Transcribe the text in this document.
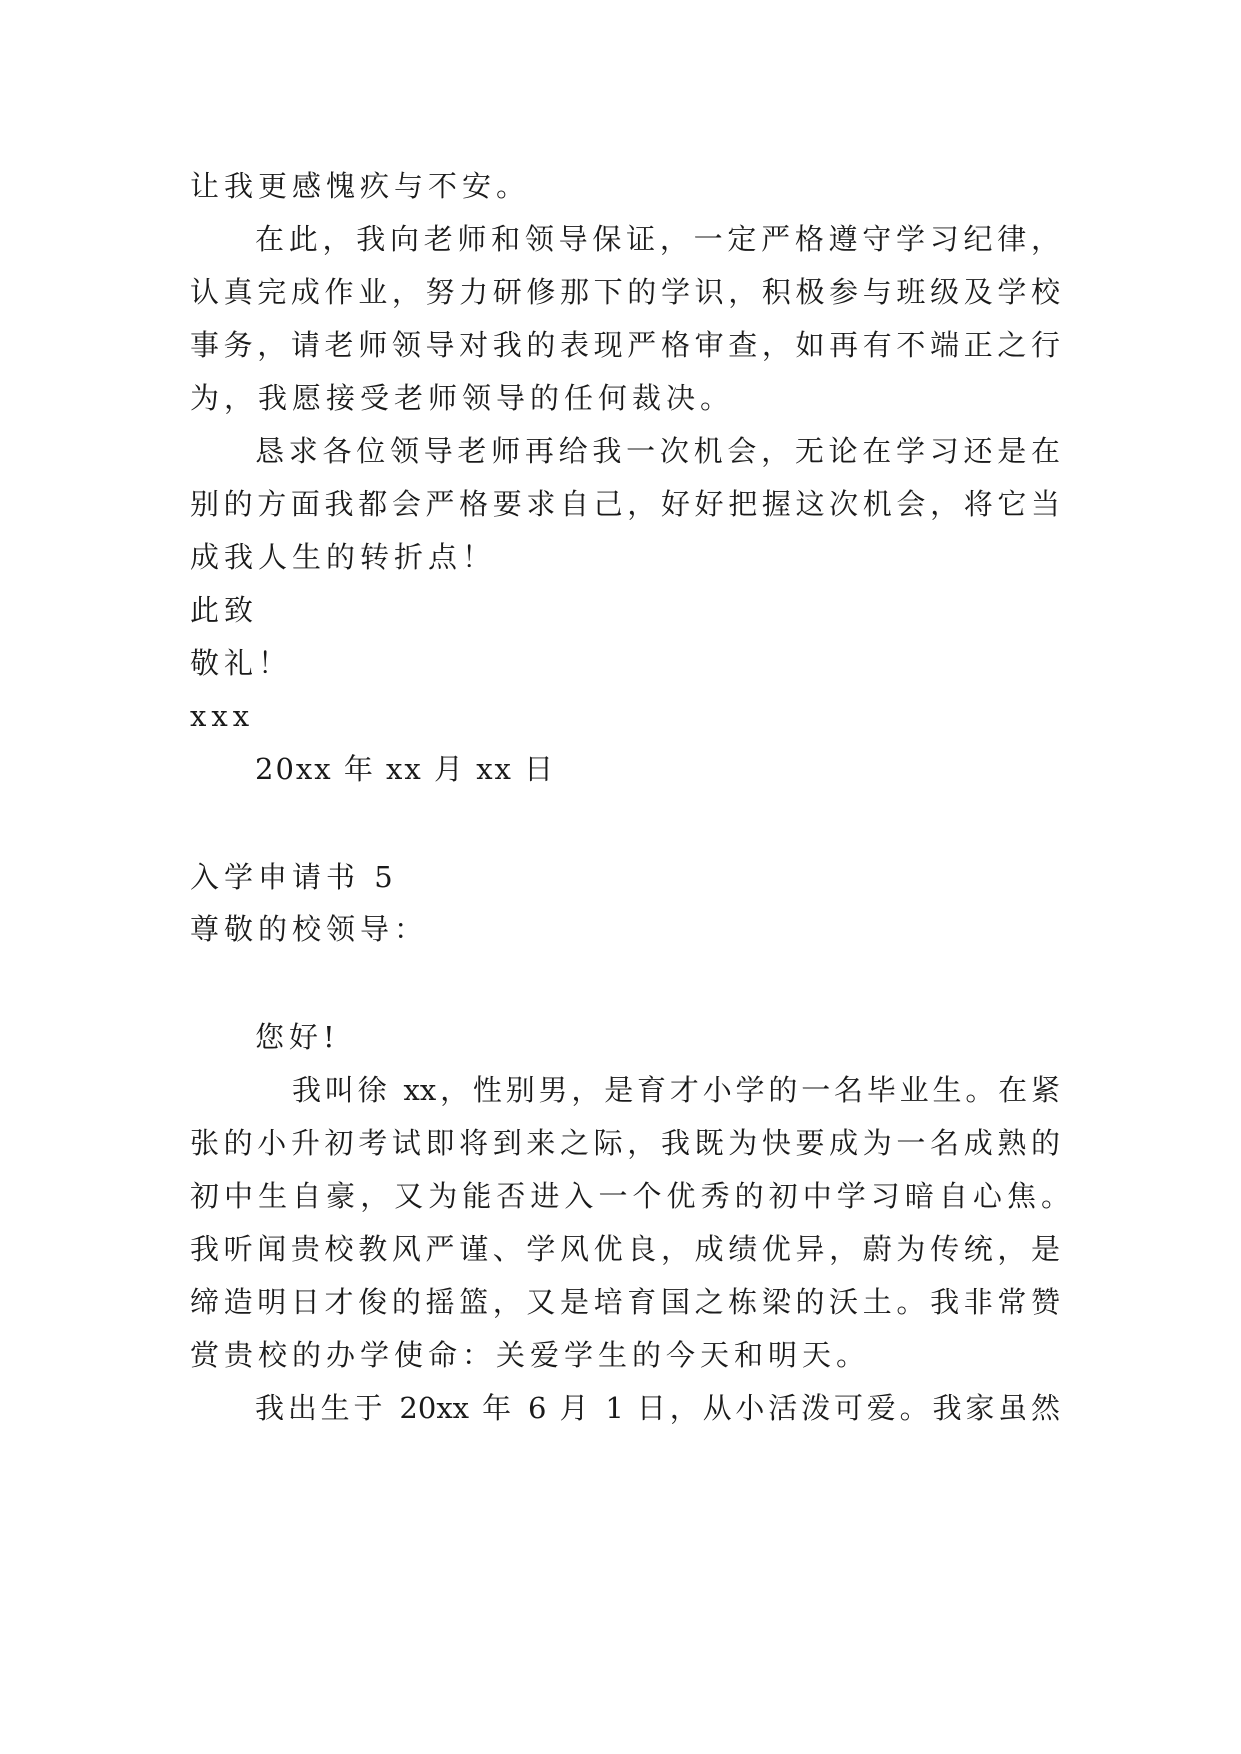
让我更感愧疚与不安。
在此，我向老师和领导保证，一定严格遵守学习纪律，
认真完成作业，努力研修那下的学识，积极参与班级及学校
事务，请老师领导对我的表现严格审查，如再有不端正之行
为，我愿接受老师领导的任何裁决。
恳求各位领导老师再给我一次机会，无论在学习还是在
别的方面我都会严格要求自己，好好把握这次机会，将它当
成我人生的转折点！
此致
敬礼！
xxx
20xx 年 xx 月 xx 日
入学申请书 5
尊敬的校领导：
您好!
我叫徐 xx，性别男，是育才小学的一名毕业生。在紧
张的小升初考试即将到来之际，我既为快要成为一名成熟的
初中生自豪，又为能否进入一个优秀的初中学习暗自心焦。
我听闻贵校教风严谨、学风优良，成绩优异，蔚为传统，是
缔造明日才俊的摇篮，又是培育国之栋梁的沃土。我非常赞
赏贵校的办学使命：关爱学生的今天和明天。
我出生于 20xx 年 6 月 1 日，从小活泼可爱。我家虽然
